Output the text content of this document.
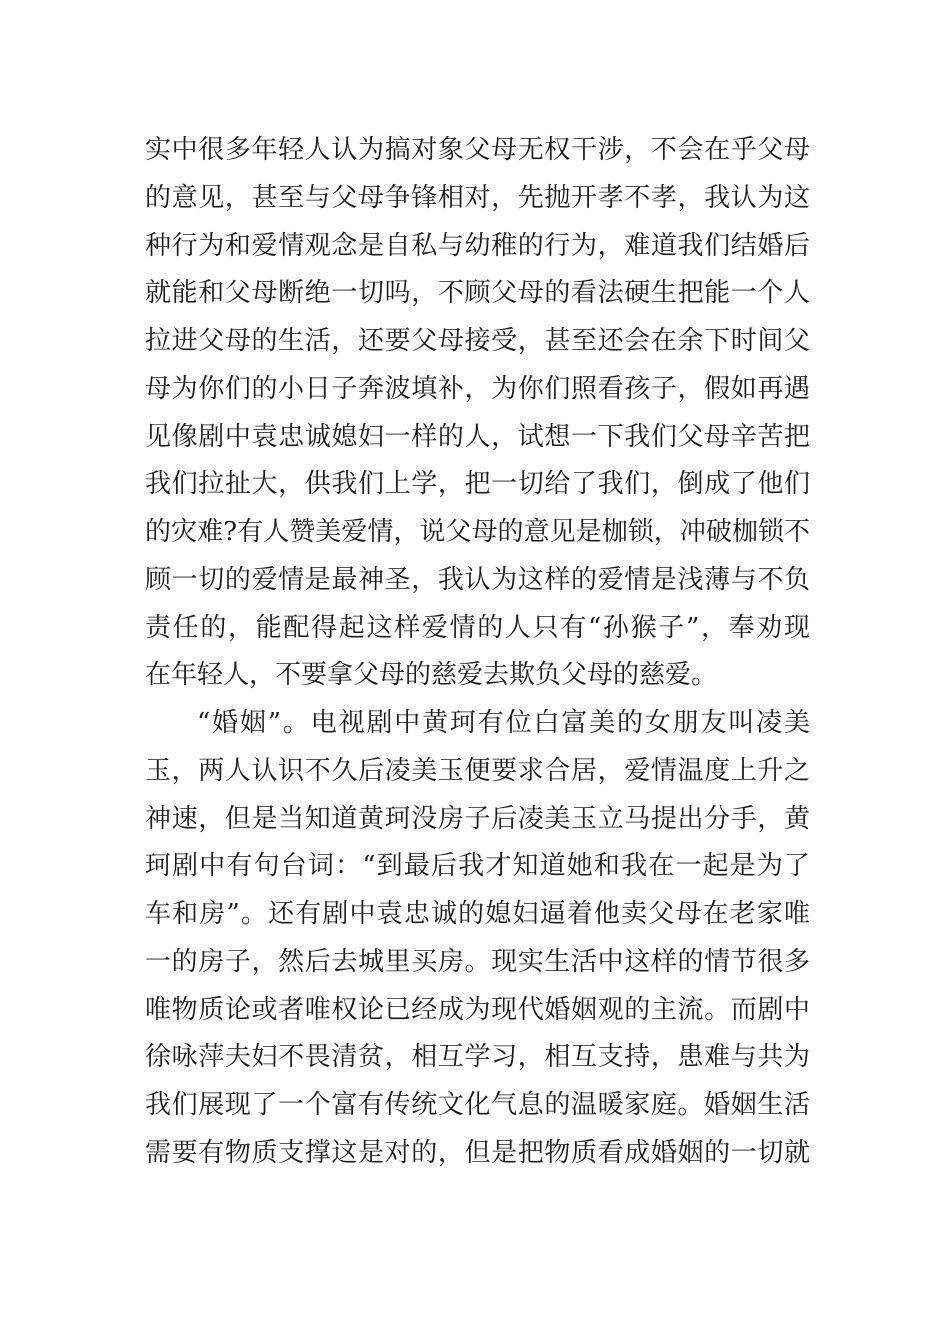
实中很多年轻人认为搞对象父母无权干涉，不会在乎父母
的意见，甚至与父母争锋相对，先抛开孝不孝，我认为这
种行为和爱情观念是自私与幼稚的行为，难道我们结婚后
就能和父母断绝一切吗，不顾父母的看法硬生把能一个人
拉进父母的生活，还要父母接受，甚至还会在余下时间父
母为你们的小日子奔波填补，为你们照看孩子，假如再遇
见像剧中袁忠诚媳妇一样的人，试想一下我们父母辛苦把
我们拉扯大，供我们上学，把一切给了我们，倒成了他们
的灾难?有人赞美爱情，说父母的意见是枷锁，冲破枷锁不
顾一切的爱情是最神圣，我认为这样的爱情是浅薄与不负
责任的，能配得起这样爱情的人只有“孙猴子”，奉劝现
在年轻人，不要拿父母的慈爱去欺负父母的慈爱。
“婚姻”。电视剧中黄珂有位白富美的女朋友叫凌美
玉，两人认识不久后凌美玉便要求合居，爱情温度上升之
神速，但是当知道黄珂没房子后凌美玉立马提出分手，黄
珂剧中有句台词：“到最后我才知道她和我在一起是为了
车和房”。还有剧中袁忠诚的媳妇逼着他卖父母在老家唯
一的房子，然后去城里买房。现实生活中这样的情节很多
唯物质论或者唯权论已经成为现代婚姻观的主流。而剧中
徐咏萍夫妇不畏清贫，相互学习，相互支持，患难与共为
我们展现了一个富有传统文化气息的温暖家庭。婚姻生活
需要有物质支撑这是对的，但是把物质看成婚姻的一切就
